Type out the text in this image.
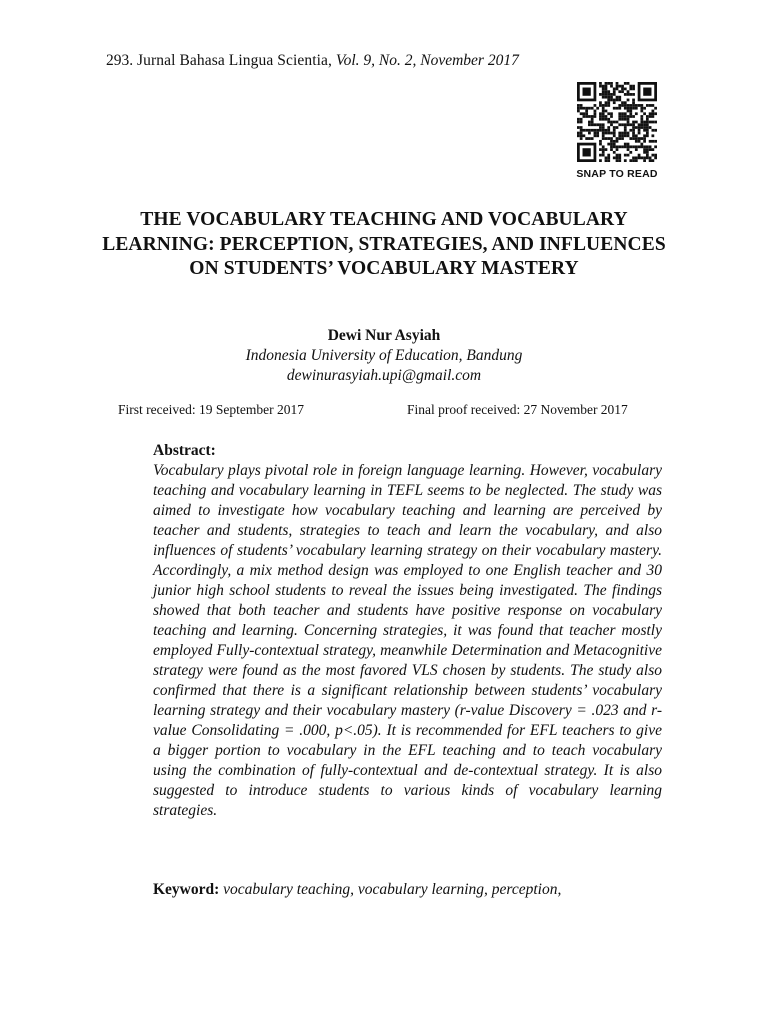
293. Jurnal Bahasa Lingua Scientia, Vol. 9, No. 2, November 2017
SNAP TO READ
THE VOCABULARY TEACHING AND VOCABULARY LEARNING: PERCEPTION, STRATEGIES, AND INFLUENCES ON STUDENTS’ VOCABULARY MASTERY
Dewi Nur Asyiah
Indonesia University of Education, Bandung
dewinurasyiah.upi@gmail.com
First received: 19 September 2017	Final proof received: 27 November 2017
Abstract:

Vocabulary plays pivotal role in foreign language learning. However, vocabulary teaching and vocabulary learning in TEFL seems to be neglected. The study was aimed to investigate how vocabulary teaching and learning are perceived by teacher and students, strategies to teach and learn the vocabulary, and also influences of students’ vocabulary learning strategy on their vocabulary mastery. Accordingly, a mix method design was employed to one English teacher and 30 junior high school students to reveal the issues being investigated. The findings showed that both teacher and students have positive response on vocabulary teaching and learning. Concerning strategies, it was found that teacher mostly employed Fully-contextual strategy, meanwhile Determination and Metacognitive strategy were found as the most favored VLS chosen by students. The study also confirmed that there is a significant relationship between students’ vocabulary learning strategy and their vocabulary mastery (r-value Discovery = .023 and r-value Consolidating = .000, p<.05). It is recommended for EFL teachers to give a bigger portion to vocabulary in the EFL teaching and to teach vocabulary using the combination of fully-contextual and de-contextual strategy. It is also suggested to introduce students to various kinds of vocabulary learning strategies.

Keyword: vocabulary teaching, vocabulary learning, perception,
